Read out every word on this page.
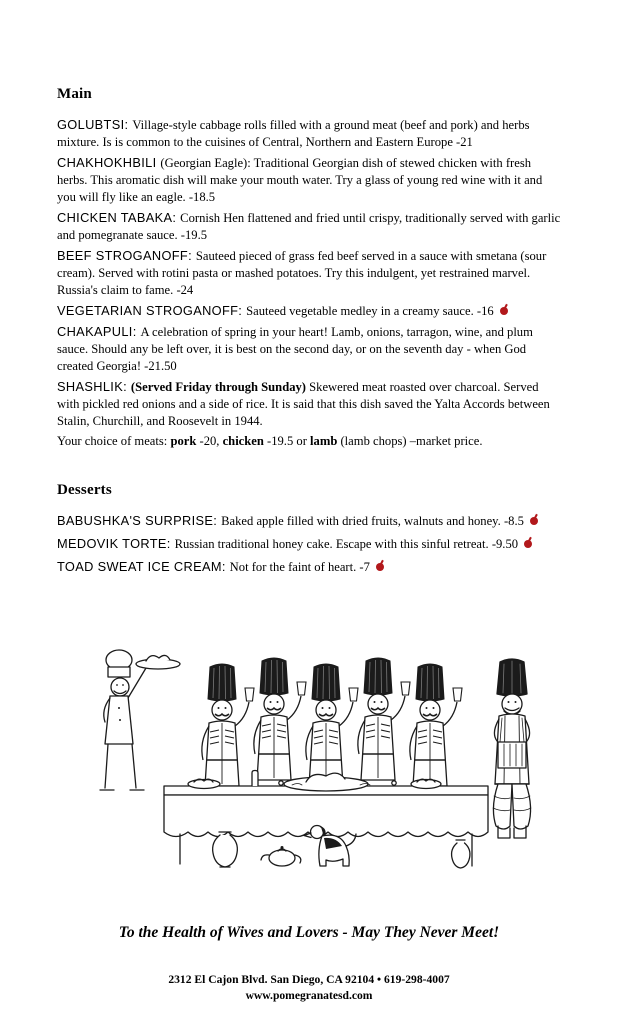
Main

GOLUBTSI: Village-style cabbage rolls filled with a ground meat (beef and pork) and herbs mixture. Is is common to the cuisines of Central, Northern and Eastern Europe -21

CHAKHOKHBILI (Georgian Eagle): Traditional Georgian dish of stewed chicken with fresh herbs. This aromatic dish will make your mouth water. Try a glass of young red wine with it and you will fly like an eagle. -18.5

CHICKEN TABAKA: Cornish Hen flattened and fried until crispy, traditionally served with garlic and pomegranate sauce. -19.5

BEEF STROGANOFF: Sauteed pieced of grass fed beef served in a sauce with smetana (sour cream). Served with rotini pasta or mashed potatoes. Try this indulgent, yet restrained marvel. Russia's claim to fame. -24

VEGETARIAN STROGANOFF: Sauteed vegetable medley in a creamy sauce. -16

CHAKAPULI: A celebration of spring in your heart! Lamb, onions, tarragon, wine, and plum sauce. Should any be left over, it is best on the second day, or on the seventh day - when God created Georgia! -21.50

SHASHLIK: (Served Friday through Sunday) Skewered meat roasted over charcoal. Served with pickled red onions and a side of rice. It is said that this dish saved the Yalta Accords between Stalin, Churchill, and Roosevelt in 1944.

Your choice of meats: pork -20, chicken -19.5 or lamb (lamb chops) –market price.

Desserts

BABUSHKA'S SURPRISE: Baked apple filled with dried fruits, walnuts and honey. -8.5

MEDOVIK TORTE: Russian traditional honey cake. Escape with this sinful retreat. -9.50

TOAD SWEAT ICE CREAM: Not for the faint of heart. -7

To the Health of Wives and Lovers - May They Never Meet!

2312 El Cajon Blvd. San Diego, CA 92104 • 619-298-4007

www.pomegranatesd.com
